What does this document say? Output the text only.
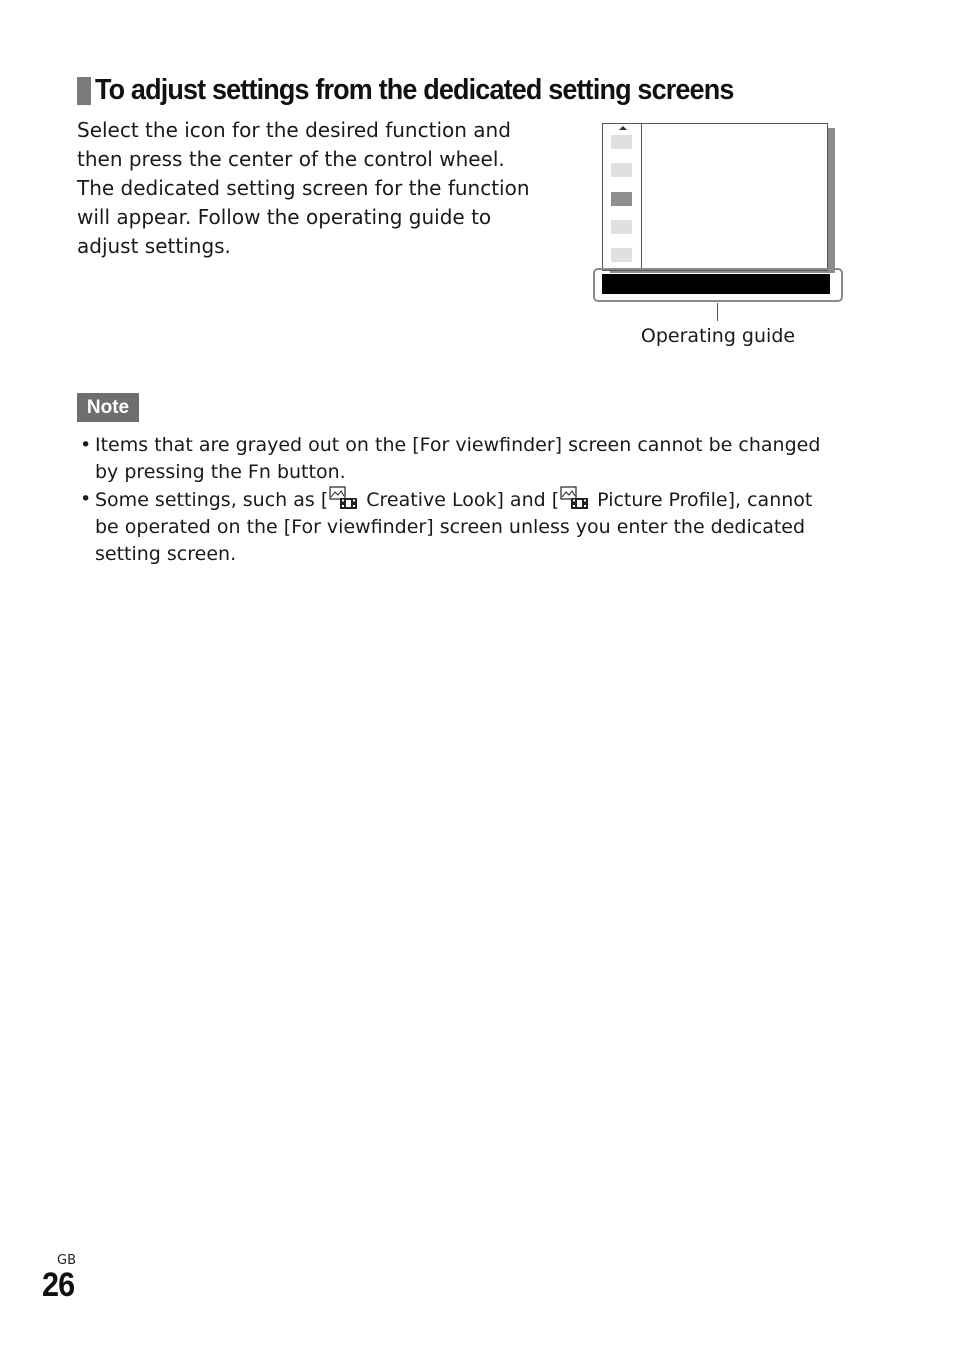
To adjust settings from the dedicated setting screens

Select the icon for the desired function and then press the center of the control wheel. The dedicated setting screen for the function will appear. Follow the operating guide to adjust settings.

Operating guide
Note
• Items that are grayed out on the [For viewfinder] screen cannot be changed by pressing the Fn button.
• Some settings, such as [ Creative Look] and [ Picture Profile], cannot be operated on the [For viewfinder] screen unless you enter the dedicated setting screen.
GB
26
